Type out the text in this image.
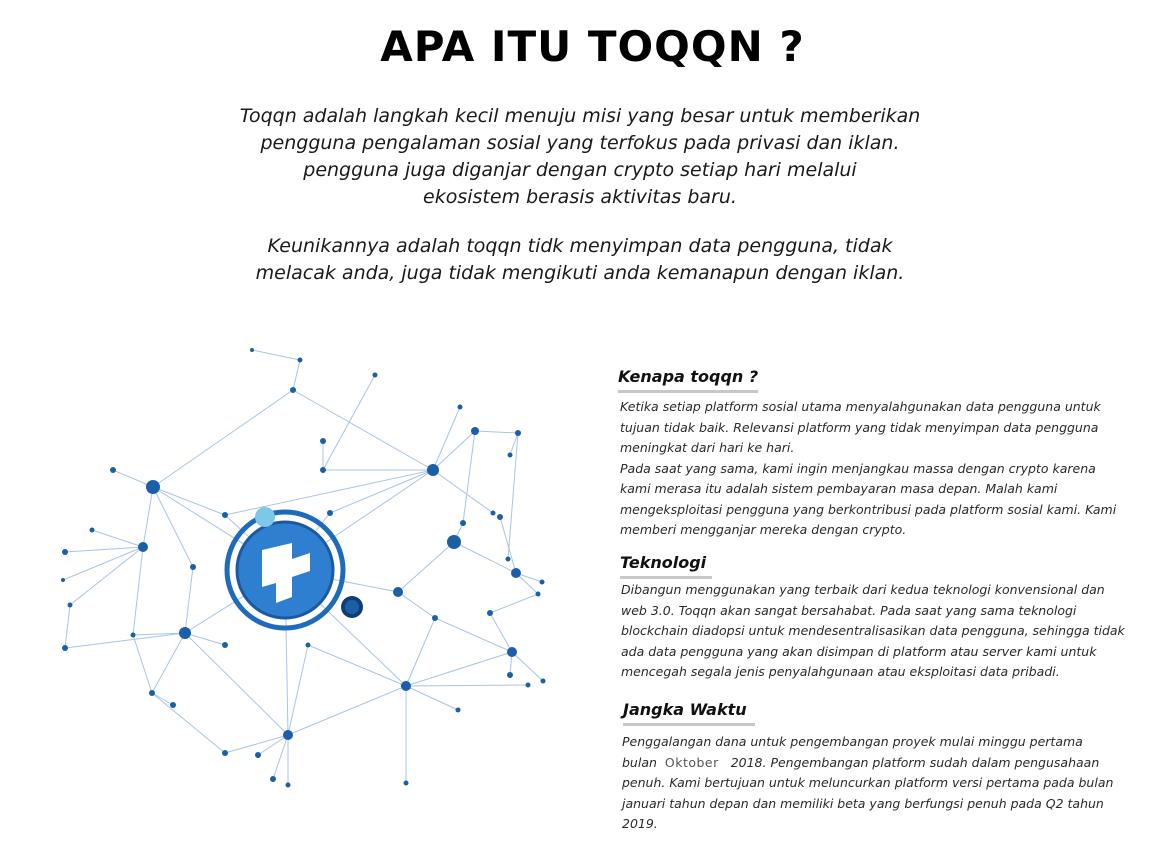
APA ITU TOQQN ?

Toqqn adalah langkah kecil menuju misi yang besar untuk memberikan
pengguna pengalaman sosial yang terfokus pada privasi dan iklan.
pengguna juga diganjar dengan crypto setiap hari melalui
ekosistem berasis aktivitas baru.

Keunikannya adalah toqqn tidk menyimpan data pengguna, tidak
melacak anda, juga tidak mengikuti anda kemanapun dengan iklan.

Kenapa toqqn ?

Ketika setiap platform sosial utama menyalahgunakan data pengguna untuk
tujuan tidak baik. Relevansi platform yang tidak menyimpan data pengguna
meningkat dari hari ke hari.
Pada saat yang sama, kami ingin menjangkau massa dengan crypto karena
kami merasa itu adalah sistem pembayaran masa depan. Malah kami
mengeksploitasi pengguna yang berkontribusi pada platform sosial kami. Kami
memberi mengganjar mereka dengan crypto.

Teknologi

Dibangun menggunakan yang terbaik dari kedua teknologi konvensional dan
web 3.0. Toqqn akan sangat bersahabat. Pada saat yang sama teknologi
blockchain diadopsi untuk mendesentralisasikan data pengguna, sehingga tidak
ada data pengguna yang akan disimpan di platform atau server kami untuk
mencegah segala jenis penyalahgunaan atau eksploitasi data pribadi.

Jangka Waktu

Penggalangan dana untuk pengembangan proyek mulai minggu pertama
bulan Oktober 2018. Pengembangan platform sudah dalam pengusahaan
penuh. Kami bertujuan untuk meluncurkan platform versi pertama pada bulan
januari tahun depan dan memiliki beta yang berfungsi penuh pada Q2 tahun
2019.
